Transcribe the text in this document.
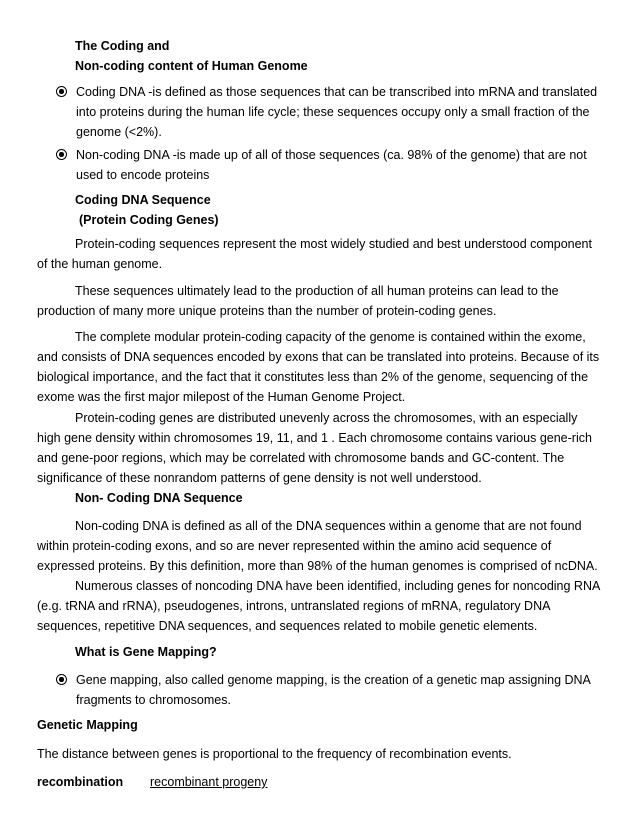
The Coding and
Non-coding content of Human Genome
Coding DNA -is defined as those sequences that can be transcribed into mRNA and translated into proteins during the human life cycle; these sequences occupy only a small fraction of the genome (<2%).
Non-coding DNA -is made up of all of those sequences (ca. 98% of the genome) that are not used to encode proteins
Coding DNA Sequence
(Protein Coding Genes)
Protein-coding sequences represent the most widely studied and best understood component of the human genome.
These sequences ultimately lead to the production of all human proteins can lead to the production of many more unique proteins than the number of protein-coding genes.
The complete modular protein-coding capacity of the genome is contained within the exome, and consists of DNA sequences encoded by exons that can be translated into proteins. Because of its biological importance, and the fact that it constitutes less than 2% of the genome, sequencing of the exome was the first major milepost of the Human Genome Project.
Protein-coding genes are distributed unevenly across the chromosomes, with an especially high gene density within chromosomes 19, 11, and 1 . Each chromosome contains various gene-rich and gene-poor regions, which may be correlated with chromosome bands and GC-content. The significance of these nonrandom patterns of gene density is not well understood.
Non- Coding DNA Sequence
Non-coding DNA is defined as all of the DNA sequences within a genome that are not found within protein-coding exons, and so are never represented within the amino acid sequence of expressed proteins. By this definition, more than 98% of the human genomes is comprised of ncDNA.
Numerous classes of noncoding DNA have been identified, including genes for noncoding RNA (e.g. tRNA and rRNA), pseudogenes, introns, untranslated regions of mRNA, regulatory DNA sequences, repetitive DNA sequences, and sequences related to mobile genetic elements.
What is Gene Mapping?
Gene mapping, also called genome mapping, is the creation of a genetic map assigning DNA fragments to chromosomes.
Genetic Mapping
The distance between genes is proportional to the frequency of recombination events.
recombination recombinant progeny
